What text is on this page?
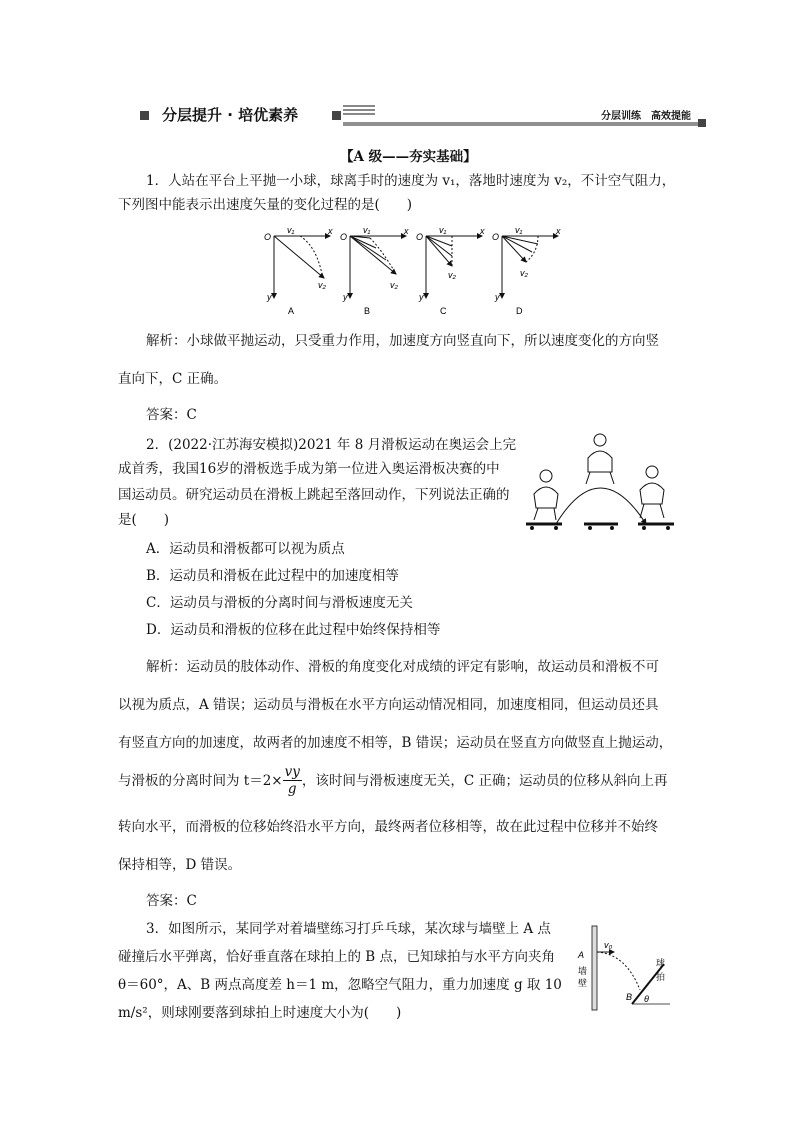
分层提升 · 培优素养	分层训练　高效提能
【A 级——夯实基础】
1．人站在平台上平抛一小球，球离手时的速度为 v₁，落地时速度为 v₂，不计空气阻力，
下列图中能表示出速度矢量的变化过程的是(　　)
O
x
y
v₁
v₂
A
O
x
y
v₁
v₂
B
O
x
y
v₁
v₂
C
O
x
y
v₁
v₂
D
解析：小球做平抛运动，只受重力作用，加速度方向竖直向下，所以速度变化的方向竖
直向下，C 正确。
答案：C
2．(2022·江苏海安模拟)2021 年 8 月滑板运动在奥运会上完
成首秀，我国16岁的滑板选手成为第一位进入奥运滑板决赛的中
国运动员。研究运动员在滑板上跳起至落回动作，下列说法正确的
是(　　)
A．运动员和滑板都可以视为质点
B．运动员和滑板在此过程中的加速度相等
C．运动员与滑板的分离时间与滑板速度无关
D．运动员和滑板的位移在此过程中始终保持相等
解析：运动员的肢体动作、滑板的角度变化对成绩的评定有影响，故运动员和滑板不可
以视为质点，A 错误；运动员与滑板在水平方向运动情况相同，加速度相同，但运动员还具
有竖直方向的加速度，故两者的加速度不相等，B 错误；运动员在竖直方向做竖直上抛运动，
与滑板的分离时间为 $t=2\times \frac{vy}{g}$ ，该时间与滑板速度无关，C 正确；运动员的位移从斜向上再
转向水平，而滑板的位移始终沿水平方向，最终两者位移相等，故在此过程中位移并不始终
保持相等，D 错误。
答案：C
3．如图所示，某同学对着墙壁练习打乒乓球，某次球与墙壁上 A 点
碰撞后水平弹离，恰好垂直落在球拍上的 B 点，已知球拍与水平方向夹角
θ＝60°，A、B 两点高度差 h＝1 m，忽略空气阻力，重力加速度 g 取 10
m/s²，则球刚要落到球拍上时速度大小为(　　)
A
墙
壁
v₀
B θ
球
拍
